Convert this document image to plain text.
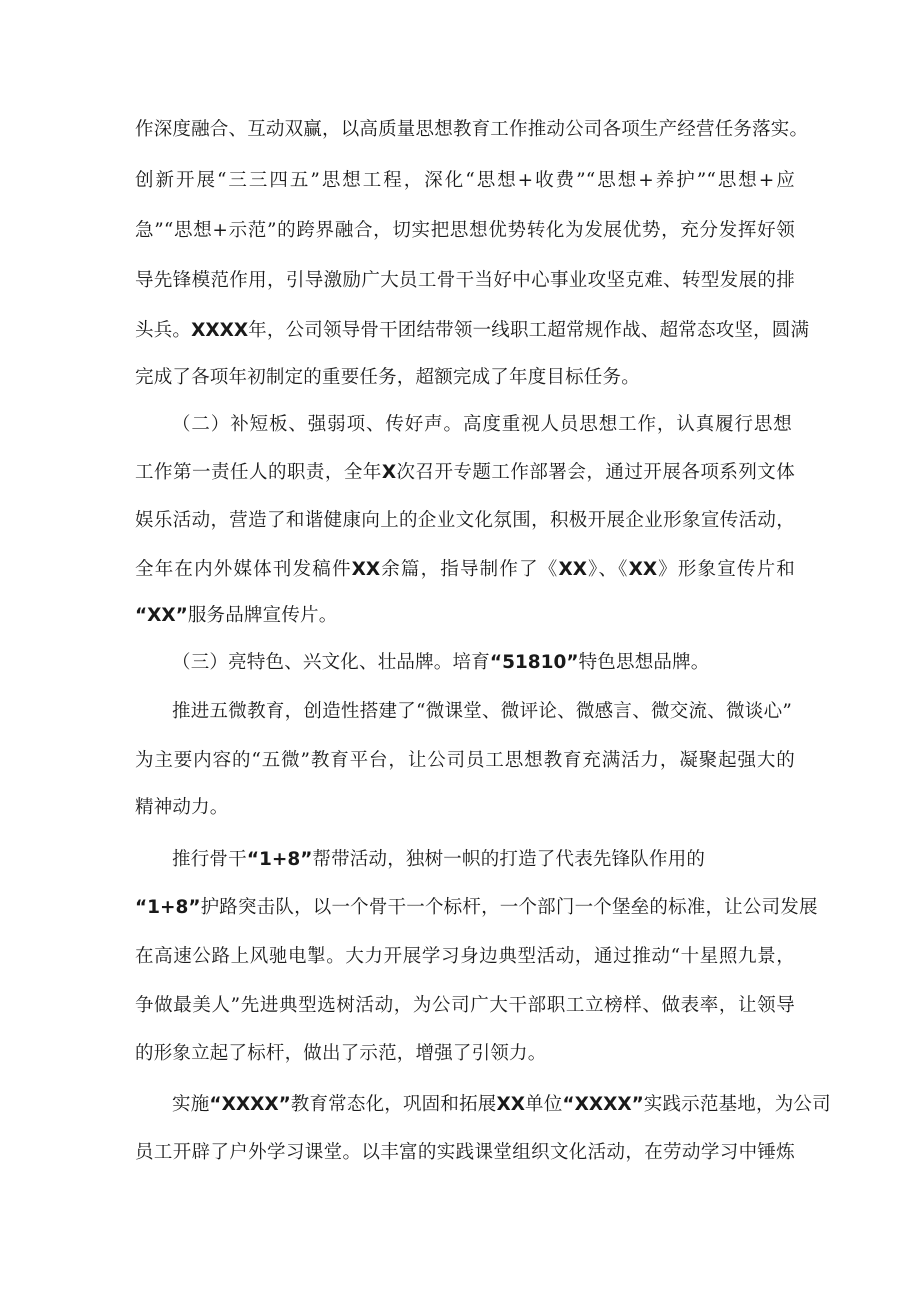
作深度融合、互动双赢，以高质量思想教育工作推动公司各项生产经营任务落实。
创新开展“三三四五”思想工程，深化“思想+收费”“思想+养护”“思想+应
急”“思想+示范”的跨界融合，切实把思想优势转化为发展优势，充分发挥好领
导先锋模范作用，引导激励广大员工骨干当好中心事业攻坚克难、转型发展的排
头兵。XXXX年，公司领导骨干团结带领一线职工超常规作战、超常态攻坚，圆满
完成了各项年初制定的重要任务，超额完成了年度目标任务。
（二）补短板、强弱项、传好声。高度重视人员思想工作，认真履行思想
工作第一责任人的职责，全年X次召开专题工作部署会，通过开展各项系列文体
娱乐活动，营造了和谐健康向上的企业文化氛围，积极开展企业形象宣传活动，
全年在内外媒体刊发稿件XX余篇，指导制作了《XX》、《XX》形象宣传片和
“XX”服务品牌宣传片。
（三）亮特色、兴文化、壮品牌。培育“51810”特色思想品牌。
推进五微教育，创造性搭建了“微课堂、微评论、微感言、微交流、微谈心”
为主要内容的“五微”教育平台，让公司员工思想教育充满活力，凝聚起强大的
精神动力。
推行骨干“1+8”帮带活动，独树一帜的打造了代表先锋队作用的
“1+8”护路突击队，以一个骨干一个标杆，一个部门一个堡垒的标准，让公司发展
在高速公路上风驰电掣。大力开展学习身边典型活动，通过推动“十星照九景，
争做最美人”先进典型选树活动，为公司广大干部职工立榜样、做表率，让领导
的形象立起了标杆，做出了示范，增强了引领力。
实施“XXXX”教育常态化，巩固和拓展XX单位“XXXX”实践示范基地，为公司
员工开辟了户外学习课堂。以丰富的实践课堂组织文化活动，在劳动学习中锤炼
